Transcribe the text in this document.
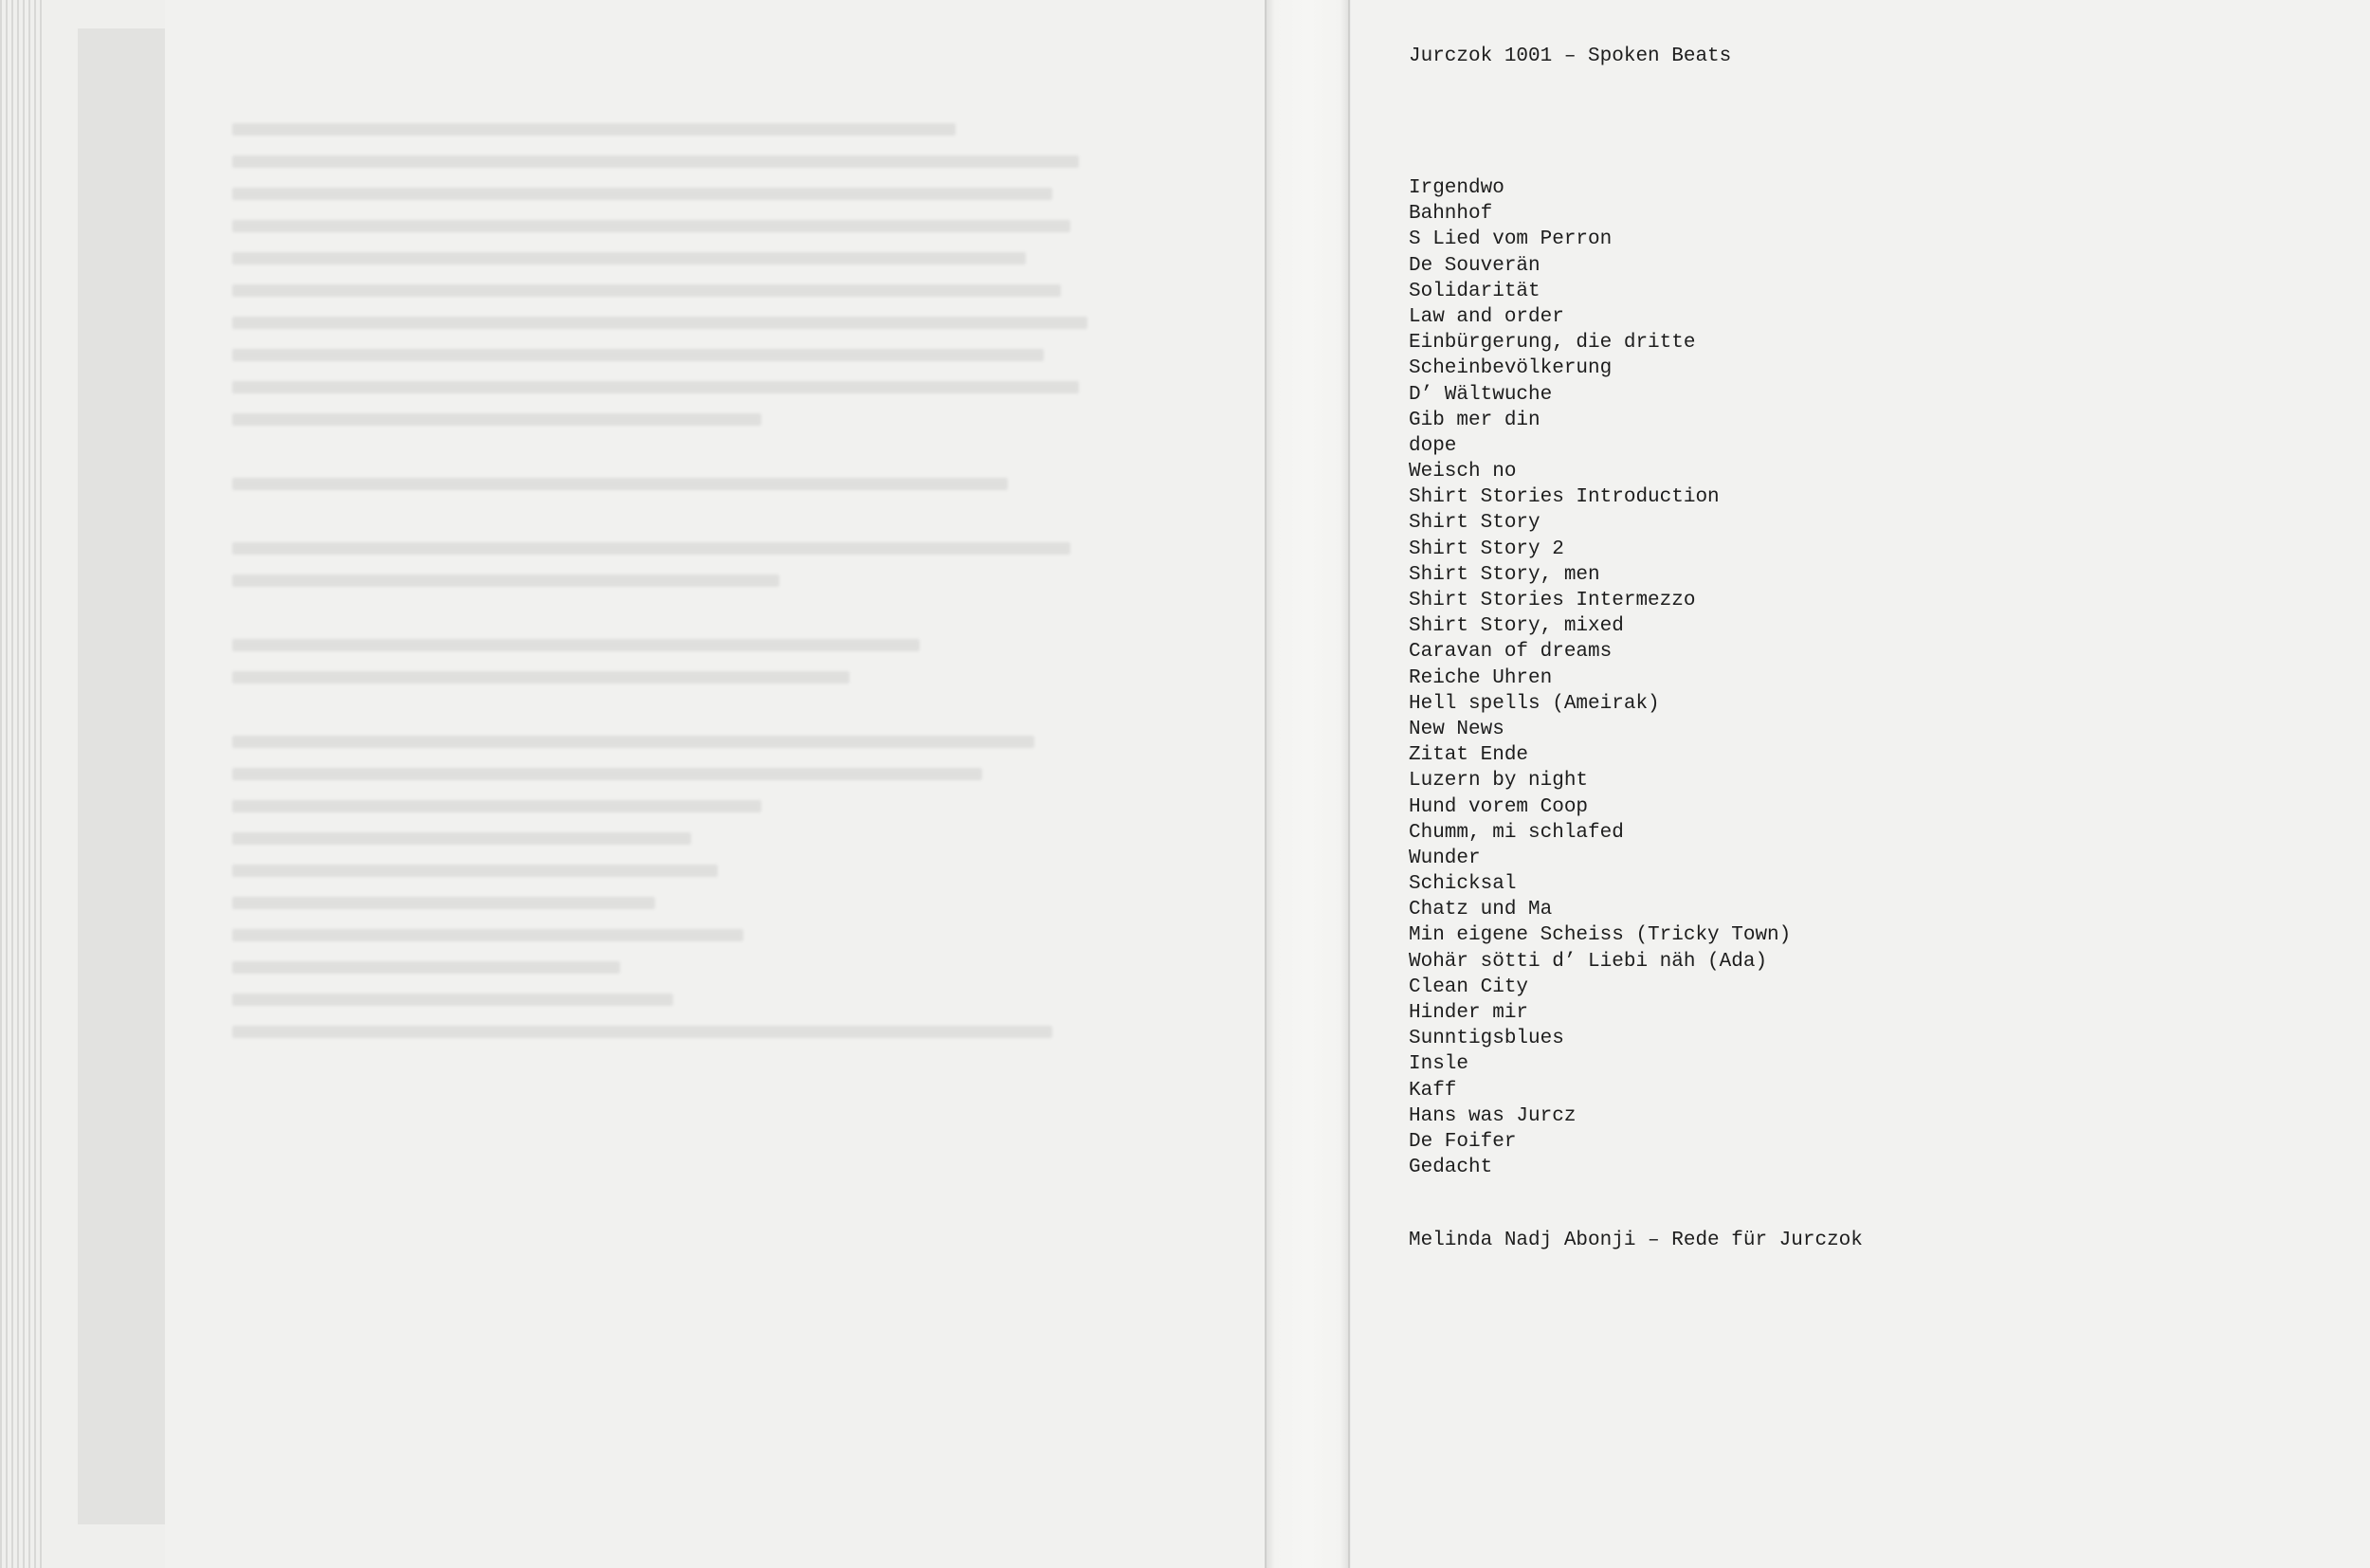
Jurczok 1001 – Spoken Beats

Irgendwo
Bahnhof
S Lied vom Perron
De Souverän
Solidarität
Law and order
Einbürgerung, die dritte
Scheinbevölkerung
D’ Wältwuche
Gib mer din
dope
Weisch no
Shirt Stories Introduction
Shirt Story
Shirt Story 2
Shirt Story, men
Shirt Stories Intermezzo
Shirt Story, mixed
Caravan of dreams
Reiche Uhren
Hell spells (Ameirak)
New News
Zitat Ende
Luzern by night
Hund vorem Coop
Chumm, mi schlafed
Wunder
Schicksal
Chatz und Ma
Min eigene Scheiss (Tricky Town)
Wohär sötti d’ Liebi näh (Ada)
Clean City
Hinder mir
Sunntigsblues
Insle
Kaff
Hans was Jurcz
De Foifer
Gedacht

Melinda Nadj Abonji – Rede für Jurczok
